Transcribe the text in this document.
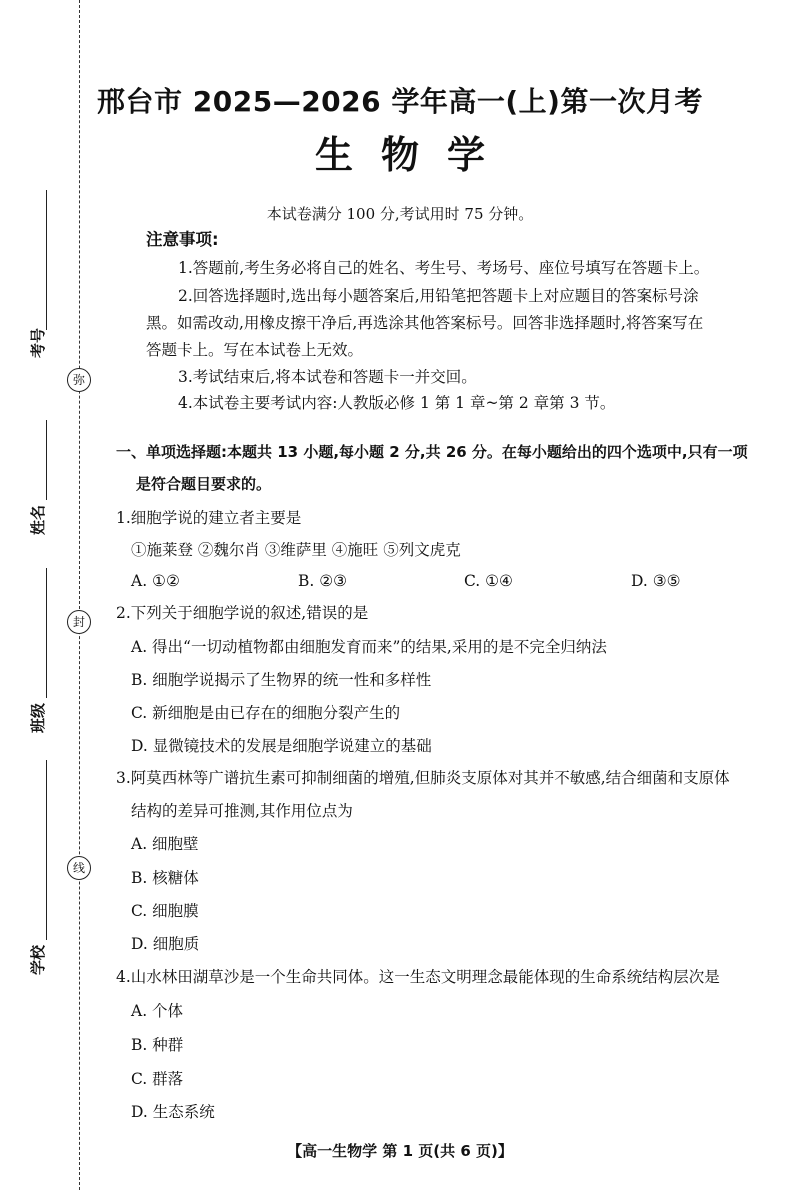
考号
姓名
班级
学校
弥
封
线
邢台市 2025—2026 学年高一(上)第一次月考
生物学
本试卷满分 100 分,考试用时 75 分钟。
注意事项:
1.答题前,考生务必将自己的姓名、考生号、考场号、座位号填写在答题卡上。
2.回答选择题时,选出每小题答案后,用铅笔把答题卡上对应题目的答案标号涂
黑。如需改动,用橡皮擦干净后,再选涂其他答案标号。回答非选择题时,将答案写在
答题卡上。写在本试卷上无效。
3.考试结束后,将本试卷和答题卡一并交回。
4.本试卷主要考试内容:人教版必修 1 第 1 章~第 2 章第 3 节。
一、单项选择题:本题共 13 小题,每小题 2 分,共 26 分。在每小题给出的四个选项中,只有一项
是符合题目要求的。
1.细胞学说的建立者主要是
①施莱登 ②魏尔肖 ③维萨里 ④施旺 ⑤列文虎克
A. ①②	B. ②③	C. ①④	D. ③⑤
2.下列关于细胞学说的叙述,错误的是
A. 得出“一切动植物都由细胞发育而来”的结果,采用的是不完全归纳法
B. 细胞学说揭示了生物界的统一性和多样性
C. 新细胞是由已存在的细胞分裂产生的
D. 显微镜技术的发展是细胞学说建立的基础
3.阿莫西林等广谱抗生素可抑制细菌的增殖,但肺炎支原体对其并不敏感,结合细菌和支原体
结构的差异可推测,其作用位点为
A. 细胞壁
B. 核糖体
C. 细胞膜
D. 细胞质
4.山水林田湖草沙是一个生命共同体。这一生态文明理念最能体现的生命系统结构层次是
A. 个体
B. 种群
C. 群落
D. 生态系统
【高一生物学 第 1 页(共 6 页)】
